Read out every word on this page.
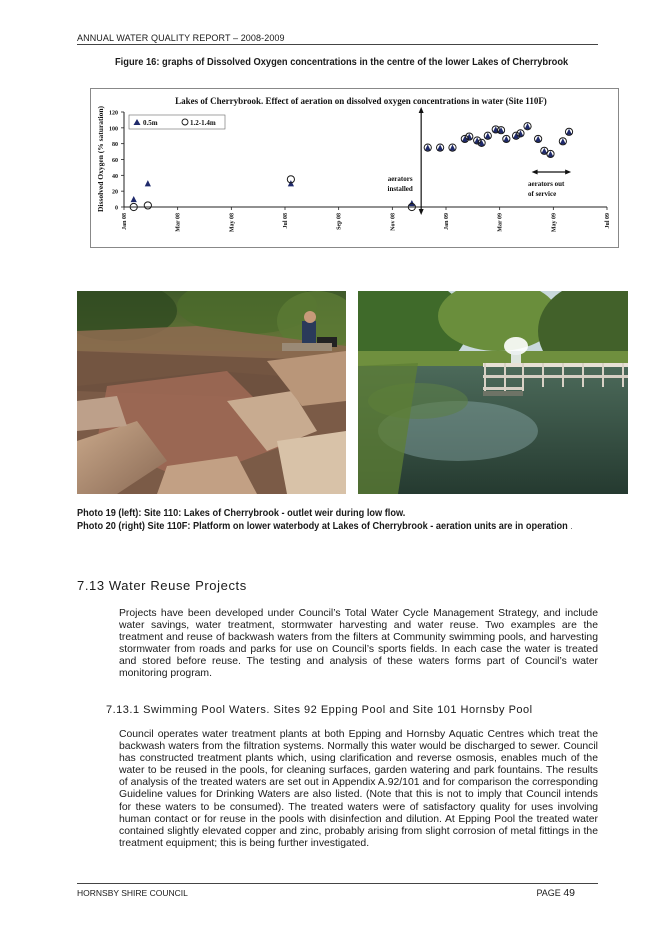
ANNUAL WATER QUALITY REPORT – 2008-2009
Figure 16: graphs of Dissolved Oxygen concentrations in the centre of the lower Lakes of Cherrybrook
Lakes of Cherrybrook. Effect of aeration on dissolved oxygen concentrations in water (Site 110F)
Dissolved Oxygen (% saturation) 0
20
40
60
80
100
120
Jan 08	Mar 08	May 08	Jul 08	Sep 08	Nov 08	Jan 09	Mar 09	May 09	Jul 09
0.5m	1.2-1.4m
aerators
installed
aerators out
of service
Photo 19 (left): Site 110: Lakes of Cherrybrook - outlet weir during low flow.
Photo 20 (right) Site 110F: Platform on lower waterbody at Lakes of Cherrybrook - aeration units are in operation .
7.13 Water Reuse Projects
Projects have been developed under Council’s Total Water Cycle Management Strategy, and include water savings, water treatment, stormwater harvesting and water reuse. Two examples are the treatment and reuse of backwash waters from the filters at Community swimming pools, and harvesting stormwater from roads and parks for use on Council’s sports fields. In each case the water is treated and stored before reuse. The testing and analysis of these waters forms part of Council’s water monitoring program.
7.13.1 Swimming Pool Waters. Sites 92 Epping Pool and Site 101 Hornsby Pool
Council operates water treatment plants at both Epping and Hornsby Aquatic Centres which treat the backwash waters from the filtration systems. Normally this water would be discharged to sewer. Council has constructed treatment plants which, using clarification and reverse osmosis, enables much of the water to be reused in the pools, for cleaning surfaces, garden watering and park fountains. The results of analysis of the treated waters are set out in Appendix A.92/101 and for comparison the corresponding Guideline values for Drinking Waters are also listed. (Note that this is not to imply that Council intends for these waters to be consumed). The treated waters were of satisfactory quality for uses involving human contact or for reuse in the pools with disinfection and dilution. At Epping Pool the treated water contained slightly elevated copper and zinc, probably arising from slight corrosion of metal fittings in the treatment equipment; this is being further investigated.
HORNSBY SHIRE COUNCIL	PAGE 49
